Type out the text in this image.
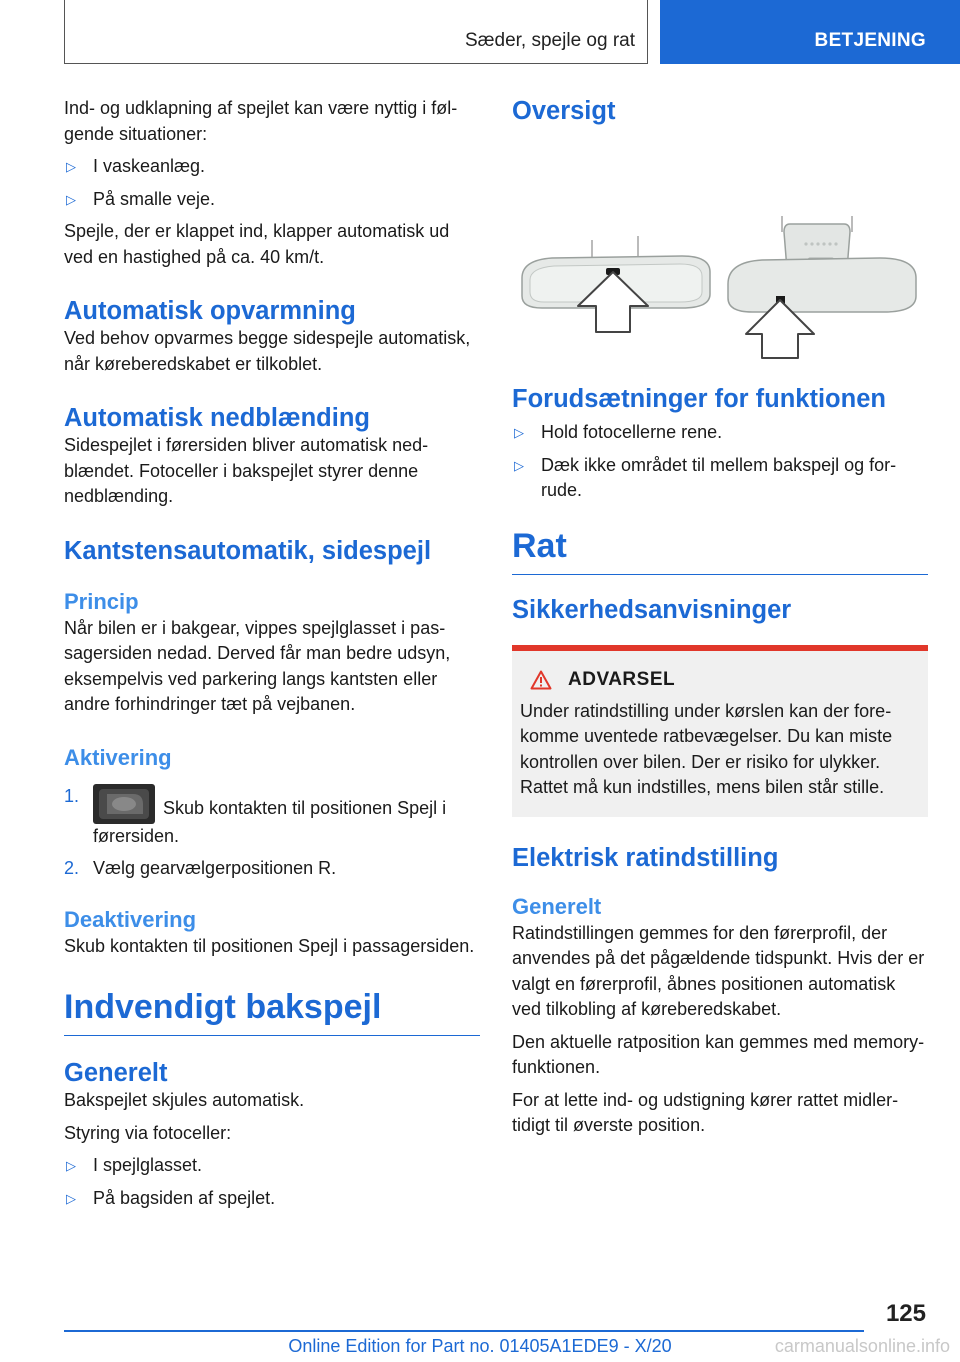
Sæder, spejle og rat	BETJENING

Ind- og udklapning af spejlet kan være nyttig i følgende situationer:

▷ I vaskeanlæg.
▷ På smalle veje.

Spejle, der er klappet ind, klapper automatisk ud ved en hastighed på ca. 40 km/t.

Automatisk opvarmning

Ved behov opvarmes begge sidespejle automatisk, når køreberedskabet er tilkoblet.

Automatisk nedblænding

Sidespejlet i førersiden bliver automatisk nedblændet. Fotoceller i bakspejlet styrer denne nedblænding.

Kantstensautomatik, sidespejl
Princip

Når bilen er i bakgear, vippes spejlglasset i passagersiden nedad. Derved får man bedre udsyn, eksempelvis ved parkering langs kantsten eller andre forhindringer tæt på vejbanen.

Aktivering
1.
Skub kontakten til positionen Spejl i førersiden.
2. Vælg gearvælgerpositionen R.
Deaktivering

Skub kontakten til positionen Spejl i passagersiden.

Indvendigt bakspejl
Generelt

Bakspejlet skjules automatisk.

Styring via fotoceller:

▷ I spejlglasset.
▷ På bagsiden af spejlet.
Oversigt
Forudsætninger for funktionen
▷ Hold fotocellerne rene.
▷ Dæk ikke området til mellem bakspejl og forrude.
Rat
Sikkerhedsanvisninger
ADVARSEL

Under ratindstilling under kørslen kan der forekomme uventede ratbevægelser. Du kan miste kontrollen over bilen. Der er risiko for ulykker. Rattet må kun indstilles, mens bilen står stille.

Elektrisk ratindstilling
Generelt

Ratindstillingen gemmes for den førerprofil, der anvendes på det pågældende tidspunkt. Hvis der er valgt en førerprofil, åbnes positionen automatisk ved tilkobling af køreberedskabet.

Den aktuelle ratposition kan gemmes med memory-funktionen.

For at lette ind- og udstigning kører rattet midlertidigt til øverste position.

125
Online Edition for Part no. 01405A1EDE9 - X/20	carmanualsonline.info
